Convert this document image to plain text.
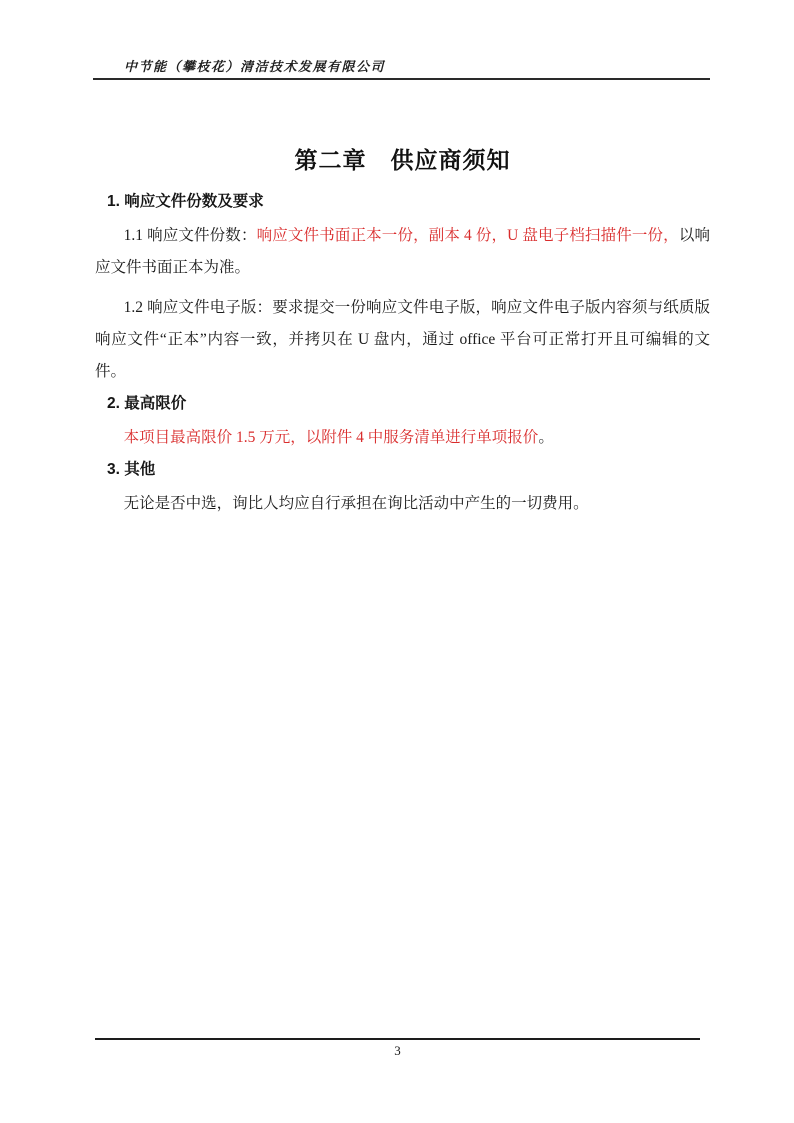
中节能（攀枝花）清洁技术发展有限公司
第二章　供应商须知
1. 响应文件份数及要求

1.1 响应文件份数：响应文件书面正本一份，副本 4 份，U 盘电子档扫描件一份，以响应文件书面正本为准。

1.2 响应文件电子版：要求提交一份响应文件电子版，响应文件电子版内容须与纸质版响应文件“正本”内容一致，并拷贝在 U 盘内，通过 office 平台可正常打开且可编辑的文件。

2. 最高限价

本项目最高限价 1.5 万元，以附件 4 中服务清单进行单项报价。

3. 其他

无论是否中选，询比人均应自行承担在询比活动中产生的一切费用。

3
